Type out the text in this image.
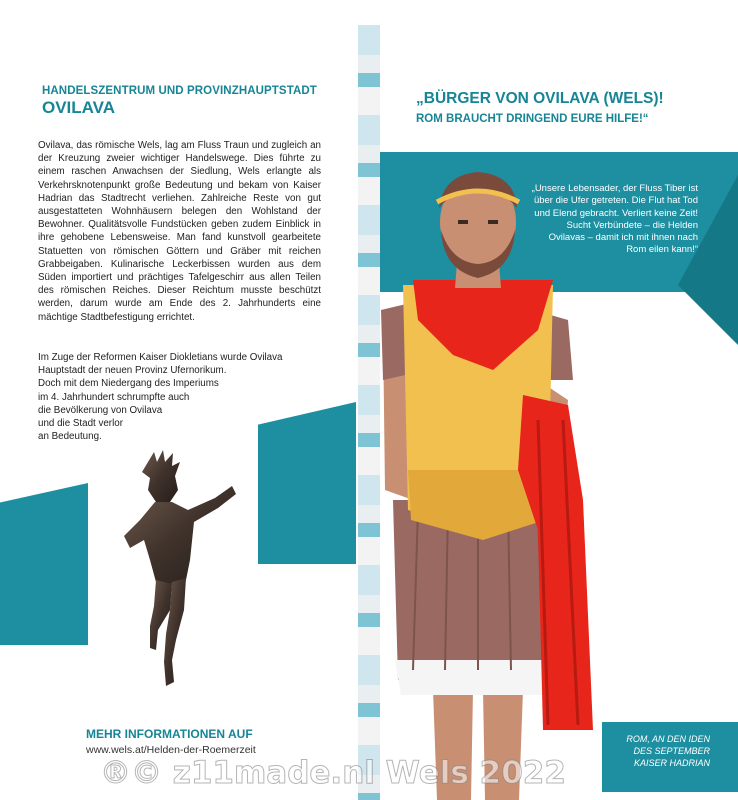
HANDELSZENTRUM UND PROVINZHAUPTSTADT
OVILAVA
Ovilava, das römische Wels, lag am Fluss Traun und zugleich an der Kreuzung zweier wichtiger Handelswege. Dies führte zu einem raschen Anwachsen der Siedlung, Wels erlangte als Verkehrsknotenpunkt große Bedeutung und bekam von Kaiser Hadrian das Stadtrecht verliehen. Zahlreiche Reste von gut ausgestatteten Wohnhäusern belegen den Wohlstand der Bewohner. Qualitätsvolle Fundstücken geben zudem Einblick in ihre gehobene Lebensweise. Man fand kunstvoll gearbeitete Statuetten von römischen Göttern und Gräber mit reichen Grabbeigaben. Kulinarische Leckerbissen wurden aus dem Süden importiert und prächtiges Tafelgeschirr aus allen Teilen des römischen Reiches. Dieser Reichtum musste beschützt werden, darum wurde am Ende des 2. Jahrhunderts eine mächtige Stadtbefestigung errichtet.
Im Zuge der Reformen Kaiser Diokletians wurde Ovilava
Hauptstadt der neuen Provinz Ufernorikum.
Doch mit dem Niedergang des Imperiums
im 4. Jahrhundert schrumpfte auch
die Bevölkerung von Ovilava
und die Stadt verlor
an Bedeutung.
MEHR INFORMATIONEN AUF
www.wels.at/Helden-der-Roemerzeit
„BÜRGER VON OVILAVA (WELS)!
ROM BRAUCHT DRINGEND EURE HILFE!“
„Unsere Lebensader, der Fluss Tiber ist über die Ufer getreten. Die Flut hat Tod und Elend gebracht. Verliert keine Zeit! Sucht Verbündete – die Helden Ovilavas – damit ich mit ihnen nach Rom eilen kann!“
ROM, AN DEN IDEN
DES SEPTEMBER
KAISER HADRIAN
®© z11made.nl Wels 2022
